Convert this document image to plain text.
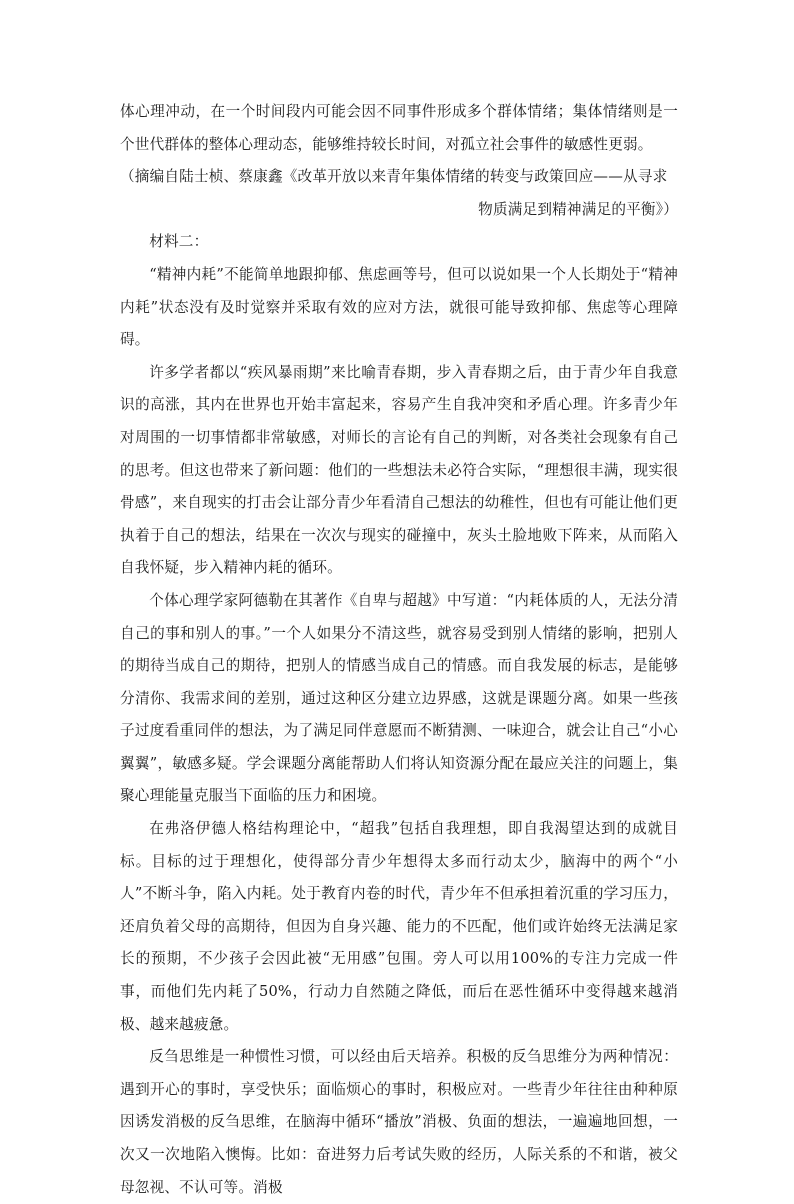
体心理冲动，在一个时间段内可能会因不同事件形成多个群体情绪；集体情绪则是一个世代群体的整体心理动态，能够维持较长时间，对孤立社会事件的敏感性更弱。

（摘编自陆士桢、蔡康鑫《改革开放以来青年集体情绪的转变与政策回应——从寻求

物质满足到精神满足的平衡》）

材料二：

“精神内耗”不能简单地跟抑郁、焦虑画等号，但可以说如果一个人长期处于“精神内耗”状态没有及时觉察并采取有效的应对方法，就很可能导致抑郁、焦虑等心理障碍。

许多学者都以“疾风暴雨期”来比喻青春期，步入青春期之后，由于青少年自我意识的高涨，其内在世界也开始丰富起来，容易产生自我冲突和矛盾心理。许多青少年对周围的一切事情都非常敏感，对师长的言论有自己的判断，对各类社会现象有自己的思考。但这也带来了新问题：他们的一些想法未必符合实际，“理想很丰满，现实很骨感”，来自现实的打击会让部分青少年看清自己想法的幼稚性，但也有可能让他们更执着于自己的想法，结果在一次次与现实的碰撞中，灰头土脸地败下阵来，从而陷入自我怀疑，步入精神内耗的循环。

个体心理学家阿德勒在其著作《自卑与超越》中写道：“内耗体质的人，无法分清自己的事和别人的事。”一个人如果分不清这些，就容易受到别人情绪的影响，把别人的期待当成自己的期待，把别人的情感当成自己的情感。而自我发展的标志，是能够分清你、我需求间的差别，通过这种区分建立边界感，这就是课题分离。如果一些孩子过度看重同伴的想法，为了满足同伴意愿而不断猜测、一味迎合，就会让自己“小心翼翼”，敏感多疑。学会课题分离能帮助人们将认知资源分配在最应关注的问题上，集聚心理能量克服当下面临的压力和困境。

在弗洛伊德人格结构理论中，“超我”包括自我理想，即自我渴望达到的成就目标。目标的过于理想化，使得部分青少年想得太多而行动太少，脑海中的两个“小人”不断斗争，陷入内耗。处于教育内卷的时代，青少年不但承担着沉重的学习压力，还肩负着父母的高期待，但因为自身兴趣、能力的不匹配，他们或许始终无法满足家长的预期，不少孩子会因此被“无用感”包围。旁人可以用100%的专注力完成一件事，而他们先内耗了50%，行动力自然随之降低，而后在恶性循环中变得越来越消极、越来越疲惫。

反刍思维是一种惯性习惯，可以经由后天培养。积极的反刍思维分为两种情况：遇到开心的事时，享受快乐；面临烦心的事时，积极应对。一些青少年往往由种种原因诱发消极的反刍思维，在脑海中循环“播放”消极、负面的想法，一遍遍地回想，一次又一次地陷入懊悔。比如：奋进努力后考试失败的经历，人际关系的不和谐，被父母忽视、不认可等。消极
